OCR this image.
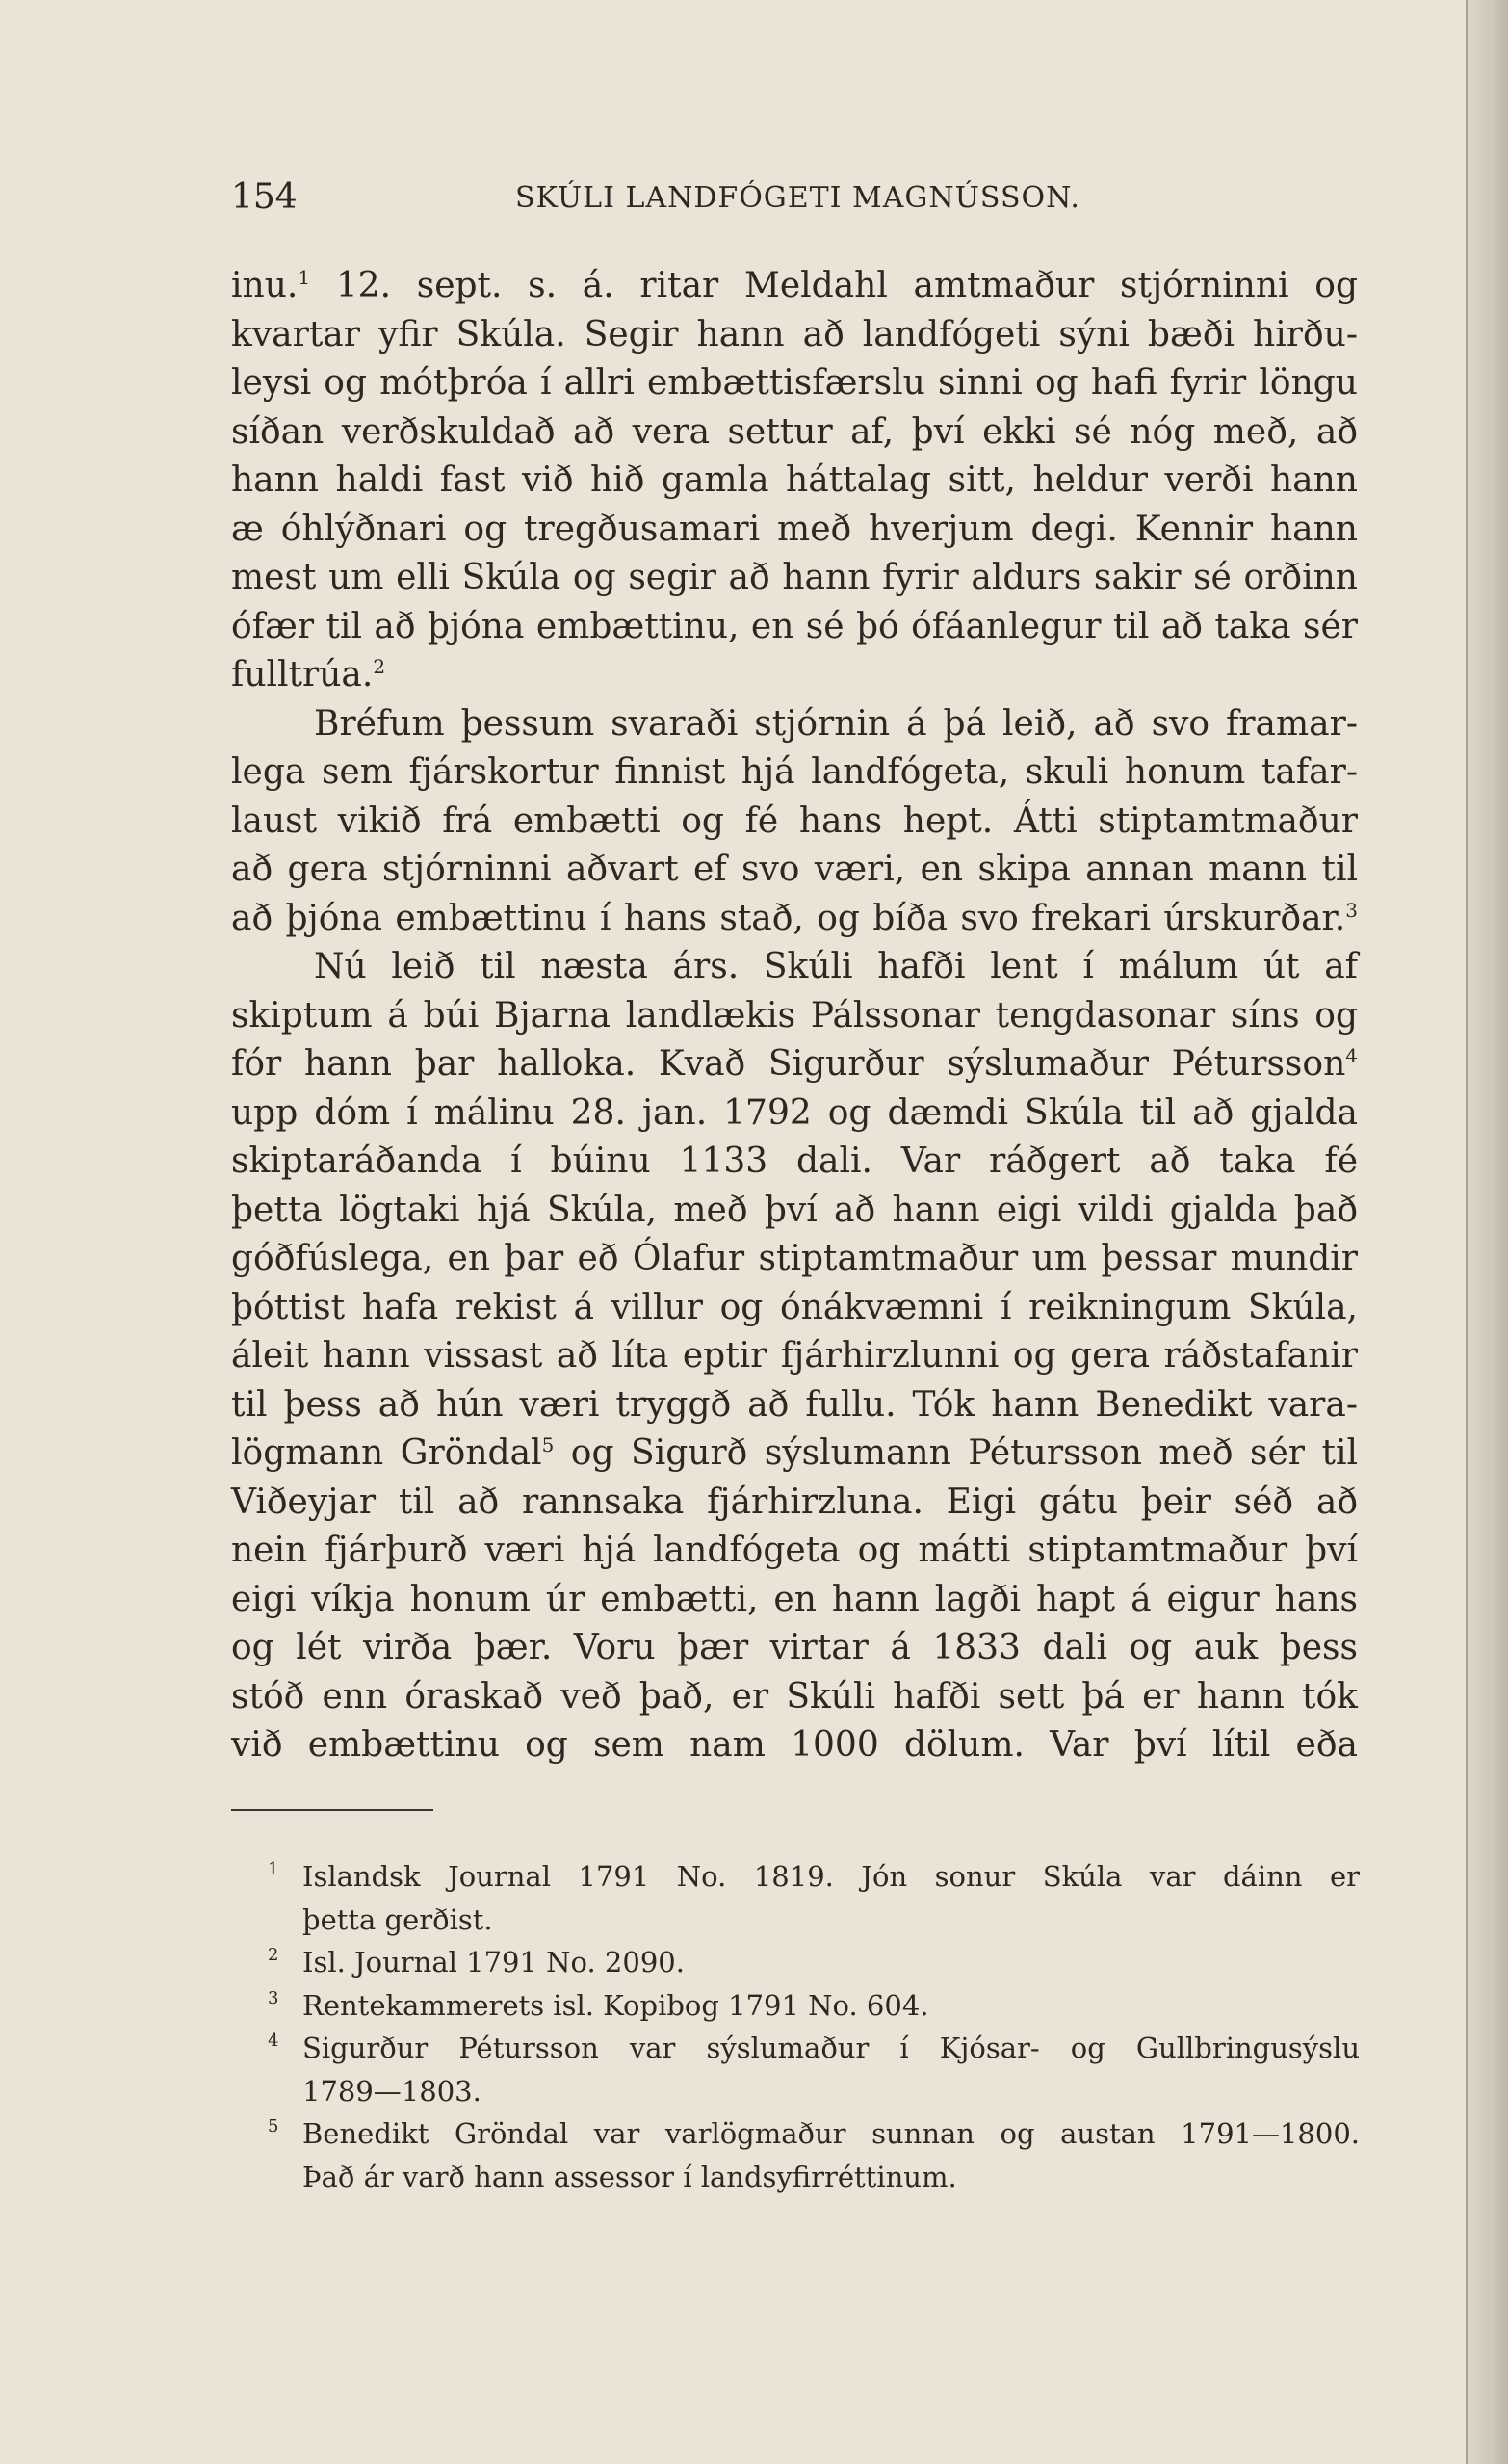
154	SKÚLI LANDFÓGETI MAGNÚSSON.
inu.$^1$ 12. sept. s. á. ritar Meldahl amtmaður stjórninni og
kvartar yfir Skúla. Segir hann að landfógeti sýni bæði hirðu-
leysi og mótþróa í allri embættisfærslu sinni og hafi fyrir löngu
síðan verðskuldað að vera settur af, því ekki sé nóg með, að
hann haldi fast við hið gamla háttalag sitt, heldur verði hann
æ óhlýðnari og tregðusamari með hverjum degi. Kennir hann
mest um elli Skúla og segir að hann fyrir aldurs sakir sé orðinn
ófær til að þjóna embættinu, en sé þó ófáanlegur til að taka sér
fulltrúa.$^2$
Bréfum þessum svaraði stjórnin á þá leið, að svo framar-
lega sem fjárskortur finnist hjá landfógeta, skuli honum tafar-
laust vikið frá embætti og fé hans hept. Átti stiptamtmaður
að gera stjórninni aðvart ef svo væri, en skipa annan mann til
að þjóna embættinu í hans stað, og bíða svo frekari úrskurðar.$^3$
Nú leið til næsta árs. Skúli hafði lent í málum út af
skiptum á búi Bjarna landlækis Pálssonar tengdasonar síns og
fór hann þar halloka. Kvað Sigurður sýslumaður Pétursson$^4$
upp dóm í málinu 28. jan. 1792 og dæmdi Skúla til að gjalda
skiptaráðanda í búinu 1133 dali. Var ráðgert að taka fé
þetta lögtaki hjá Skúla, með því að hann eigi vildi gjalda það
góðfúslega, en þar eð Ólafur stiptamtmaður um þessar mundir
þóttist hafa rekist á villur og ónákvæmni í reikningum Skúla,
áleit hann vissast að líta eptir fjárhirzlunni og gera ráðstafanir
til þess að hún væri tryggð að fullu. Tók hann Benedikt vara-
lögmann Gröndal$^5$ og Sigurð sýslumann Pétursson með sér til
Viðeyjar til að rannsaka fjárhirzluna. Eigi gátu þeir séð að
nein fjárþurð væri hjá landfógeta og mátti stiptamtmaður því
eigi víkja honum úr embætti, en hann lagði hapt á eigur hans
og lét virða þær. Voru þær virtar á 1833 dali og auk þess
stóð enn óraskað veð það, er Skúli hafði sett þá er hann tók
við embættinu og sem nam 1000 dölum. Var því lítil eða
1 Islandsk Journal 1791 No. 1819. Jón sonur Skúla var dáinn er
þetta gerðist.
2 Isl. Journal 1791 No. 2090.
3 Rentekammerets isl. Kopibog 1791 No. 604.
4 Sigurður Pétursson var sýslumaður í Kjósar- og Gullbringusýslu
1789—1803.
5 Benedikt Gröndal var varlögmaður sunnan og austan 1791—1800.
Það ár varð hann assessor í landsyfirréttinum.
